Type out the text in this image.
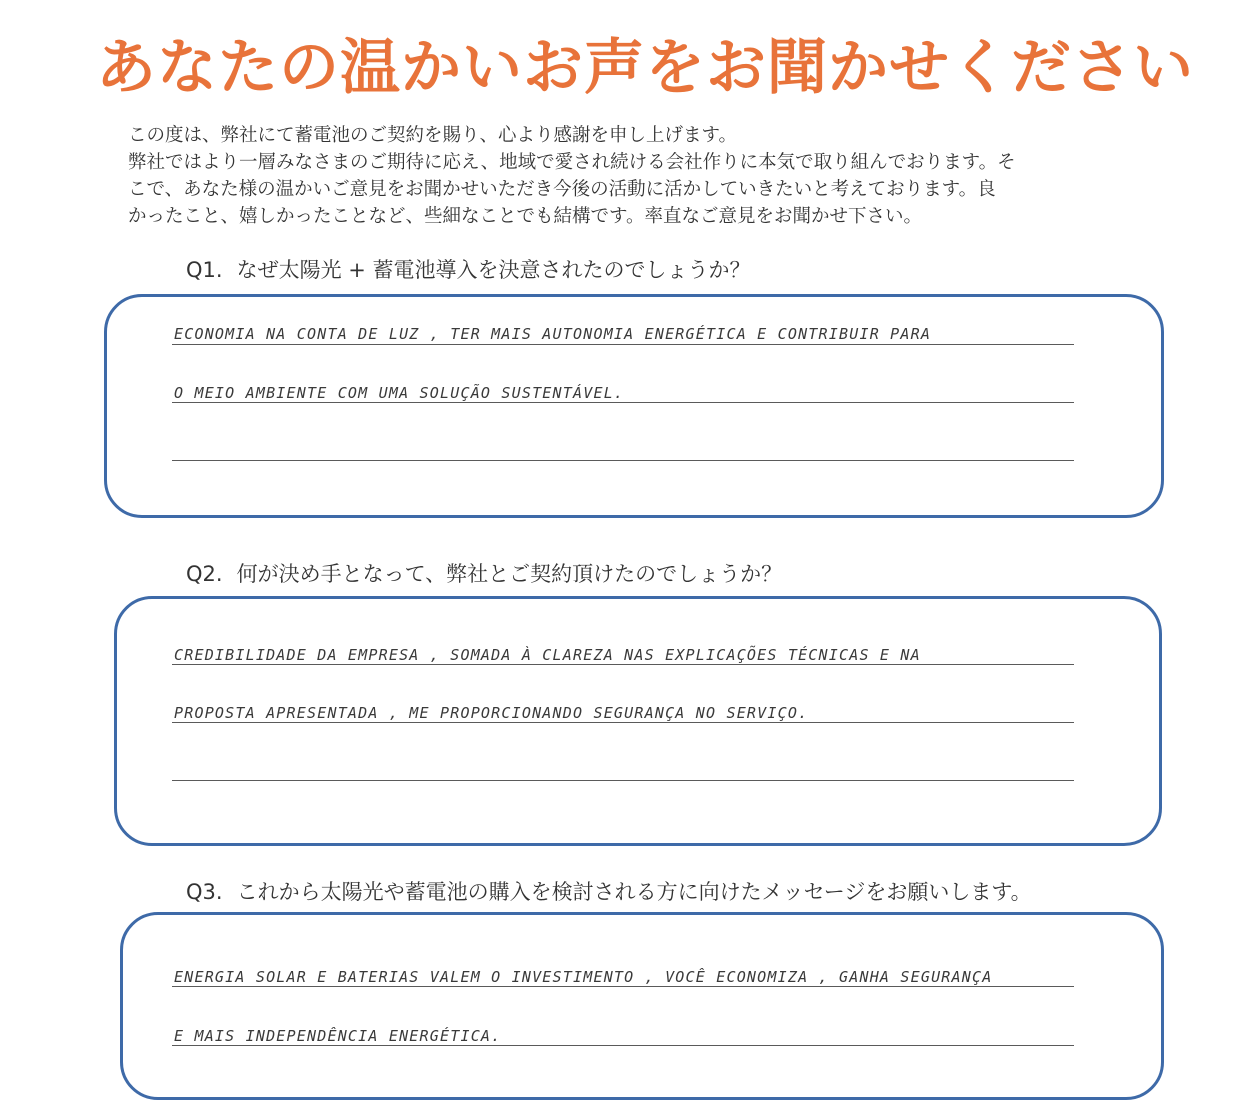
あなたの温かいお声をお聞かせください

この度は、弊社にて蓄電池のご契約を賜り、心より感謝を申し上げます。

弊社ではより一層みなさまのご期待に応え、地域で愛され続ける会社作りに本気で取り組んでおります。そ

こで、あなた様の温かいご意見をお聞かせいただき今後の活動に活かしていきたいと考えております。良

かったこと、嬉しかったことなど、些細なことでも結構です。率直なご意見をお聞かせ下さい。

Q1. なぜ太陽光 + 蓄電池導入を決意されたのでしょうか？
ECONOMIA NA CONTA DE LUZ , TER MAIS AUTONOMIA ENERGÉTICA E CONTRIBUIR PARA
O MEIO AMBIENTE COM UMA SOLUÇÃO SUSTENTÁVEL.
Q2. 何が決め手となって、弊社とご契約頂けたのでしょうか？
CREDIBILIDADE DA EMPRESA , SOMADA À CLAREZA NAS EXPLICAÇÕES TÉCNICAS E NA
PROPOSTA APRESENTADA , ME PROPORCIONANDO SEGURANÇA NO SERVIÇO.
Q3. これから太陽光や蓄電池の購入を検討される方に向けたメッセージをお願いします。
ENERGIA SOLAR E BATERIAS VALEM O INVESTIMENTO , VOCÊ ECONOMIZA , GANHA SEGURANÇA
E MAIS INDEPENDÊNCIA ENERGÉTICA.
